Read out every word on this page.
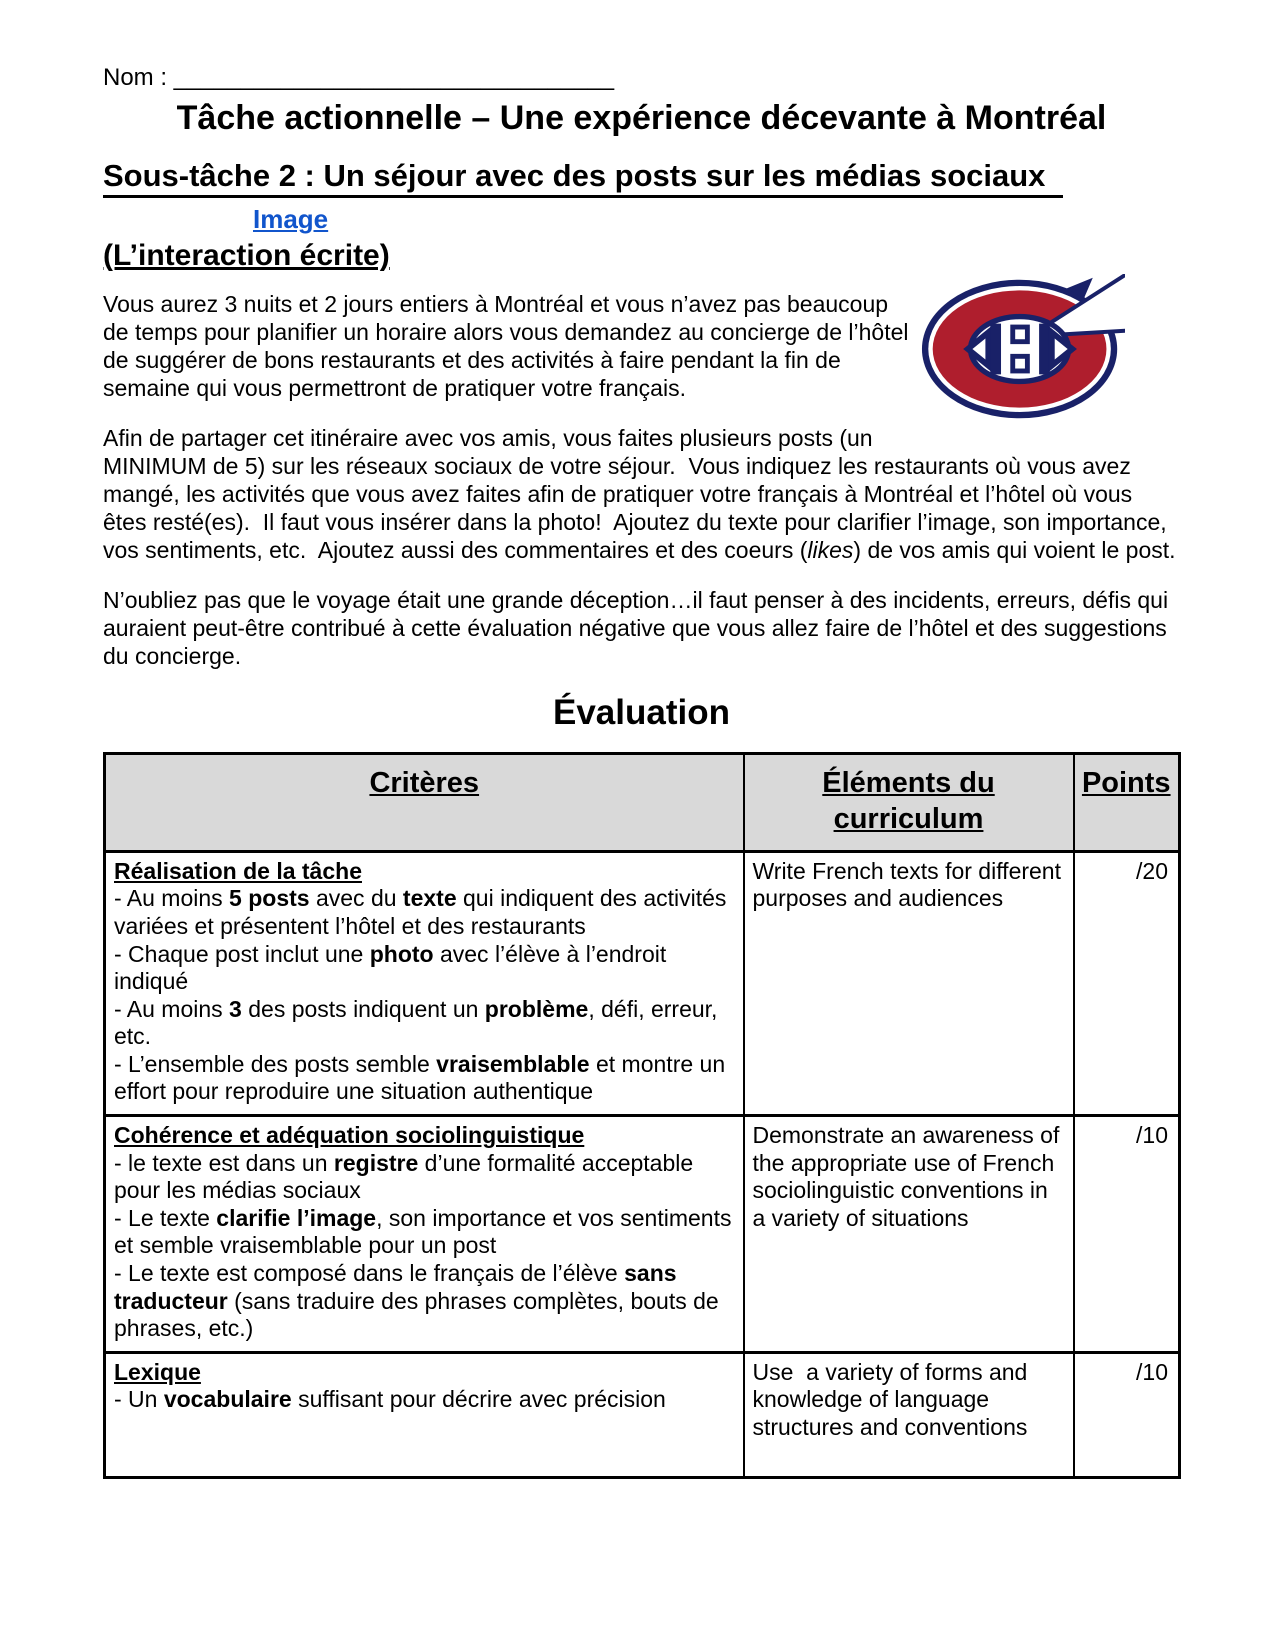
Nom : _________________________________
Tâche actionnelle – Une expérience décevante à Montréal
Sous-tâche 2 : Un séjour avec des posts sur les médias sociaux
Image
(L’interaction écrite)

Vous aurez 3 nuits et 2 jours entiers à Montréal et vous n’avez pas beaucoup de temps pour planifier un horaire alors vous demandez au concierge de l’hôtel de suggérer de bons restaurants et des activités à faire pendant la fin de semaine qui vous permettront de pratiquer votre français.

Afin de partager cet itinéraire avec vos amis, vous faites plusieurs posts (un MINIMUM de 5) sur les réseaux sociaux de votre séjour.  Vous indiquez les restaurants où vous avez mangé, les activités que vous avez faites afin de pratiquer votre français à Montréal et l’hôtel où vous êtes resté(es).  Il faut vous insérer dans la photo!  Ajoutez du texte pour clarifier l’image, son importance, vos sentiments, etc.  Ajoutez aussi des commentaires et des coeurs (likes) de vos amis qui voient le post.

N’oubliez pas que le voyage était une grande déception…il faut penser à des incidents, erreurs, défis qui auraient peut-être contribué à cette évaluation négative que vous allez faire de l’hôtel et des suggestions du concierge.

Évaluation
Critères	Éléments du curriculum	Points

Réalisation de la tâche
- Au moins 5 posts avec du texte qui indiquent des activités variées et présentent l’hôtel et des restaurants
- Chaque post inclut une photo avec l’élève à l’endroit indiqué
- Au moins 3 des posts indiquent un problème, défi, erreur, etc.
- L’ensemble des posts semble vraisemblable et montre un effort pour reproduire une situation authentique	Write French texts for different purposes and audiences	/20

Cohérence et adéquation sociolinguistique
- le texte est dans un registre d’une formalité acceptable pour les médias sociaux
- Le texte clarifie l’image, son importance et vos sentiments et semble vraisemblable pour un post
- Le texte est composé dans le français de l’élève sans traducteur (sans traduire des phrases complètes, bouts de phrases, etc.)	Demonstrate an awareness of the appropriate use of French sociolinguistic conventions in a variety of situations	/10

Lexique
- Un vocabulaire suffisant pour décrire avec précision	Use  a variety of forms and knowledge of language structures and conventions	/10
